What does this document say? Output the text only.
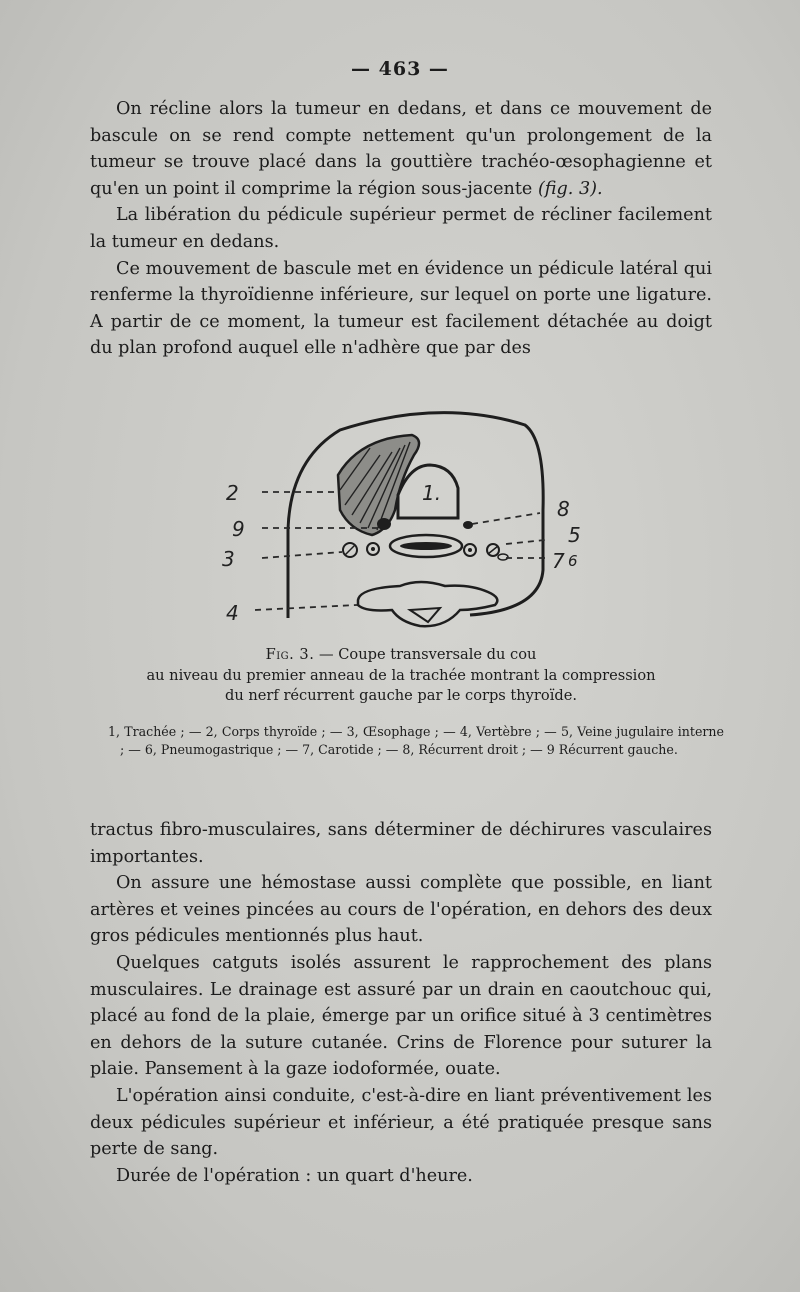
— 463 —

On récline alors la tumeur en dedans, et dans ce mouvement de bascule on se rend compte nettement qu'un prolongement de la tumeur se trouve placé dans la gouttière trachéo-œsophagienne et qu'en un point il comprime la région sous-jacente (fig. 3).

La libération du pédicule supérieur permet de récliner facilement la tumeur en dedans.

Ce mouvement de bascule met en évidence un pédicule latéral qui renferme la thyroïdienne inférieure, sur lequel on porte une ligature. A partir de ce moment, la tumeur est facilement détachée au doigt du plan profond auquel elle n'adhère que par des

2
9
3
4
1.
8
5
7 6
Fig. 3. — Coupe transversale du cou
au niveau du premier anneau de la trachée montrant la compression
du nerf récurrent gauche par le corps thyroïde.
1, Trachée ; — 2, Corps thyroïde ; — 3, Œsophage ; — 4, Vertèbre ; — 5, Veine jugulaire interne ; — 6, Pneumogastrique ; — 7, Carotide ; — 8, Récurrent droit ; — 9 Récurrent gauche.

tractus fibro-musculaires, sans déterminer de déchirures vasculaires importantes.

On assure une hémostase aussi complète que possible, en liant artères et veines pincées au cours de l'opération, en dehors des deux gros pédicules mentionnés plus haut.

Quelques catguts isolés assurent le rapprochement des plans musculaires. Le drainage est assuré par un drain en caoutchouc qui, placé au fond de la plaie, émerge par un orifice situé à 3 centimètres en dehors de la suture cutanée. Crins de Florence pour suturer la plaie. Pansement à la gaze iodoformée, ouate.

L'opération ainsi conduite, c'est-à-dire en liant préventivement les deux pédicules supérieur et inférieur, a été pratiquée presque sans perte de sang.

Durée de l'opération : un quart d'heure.
